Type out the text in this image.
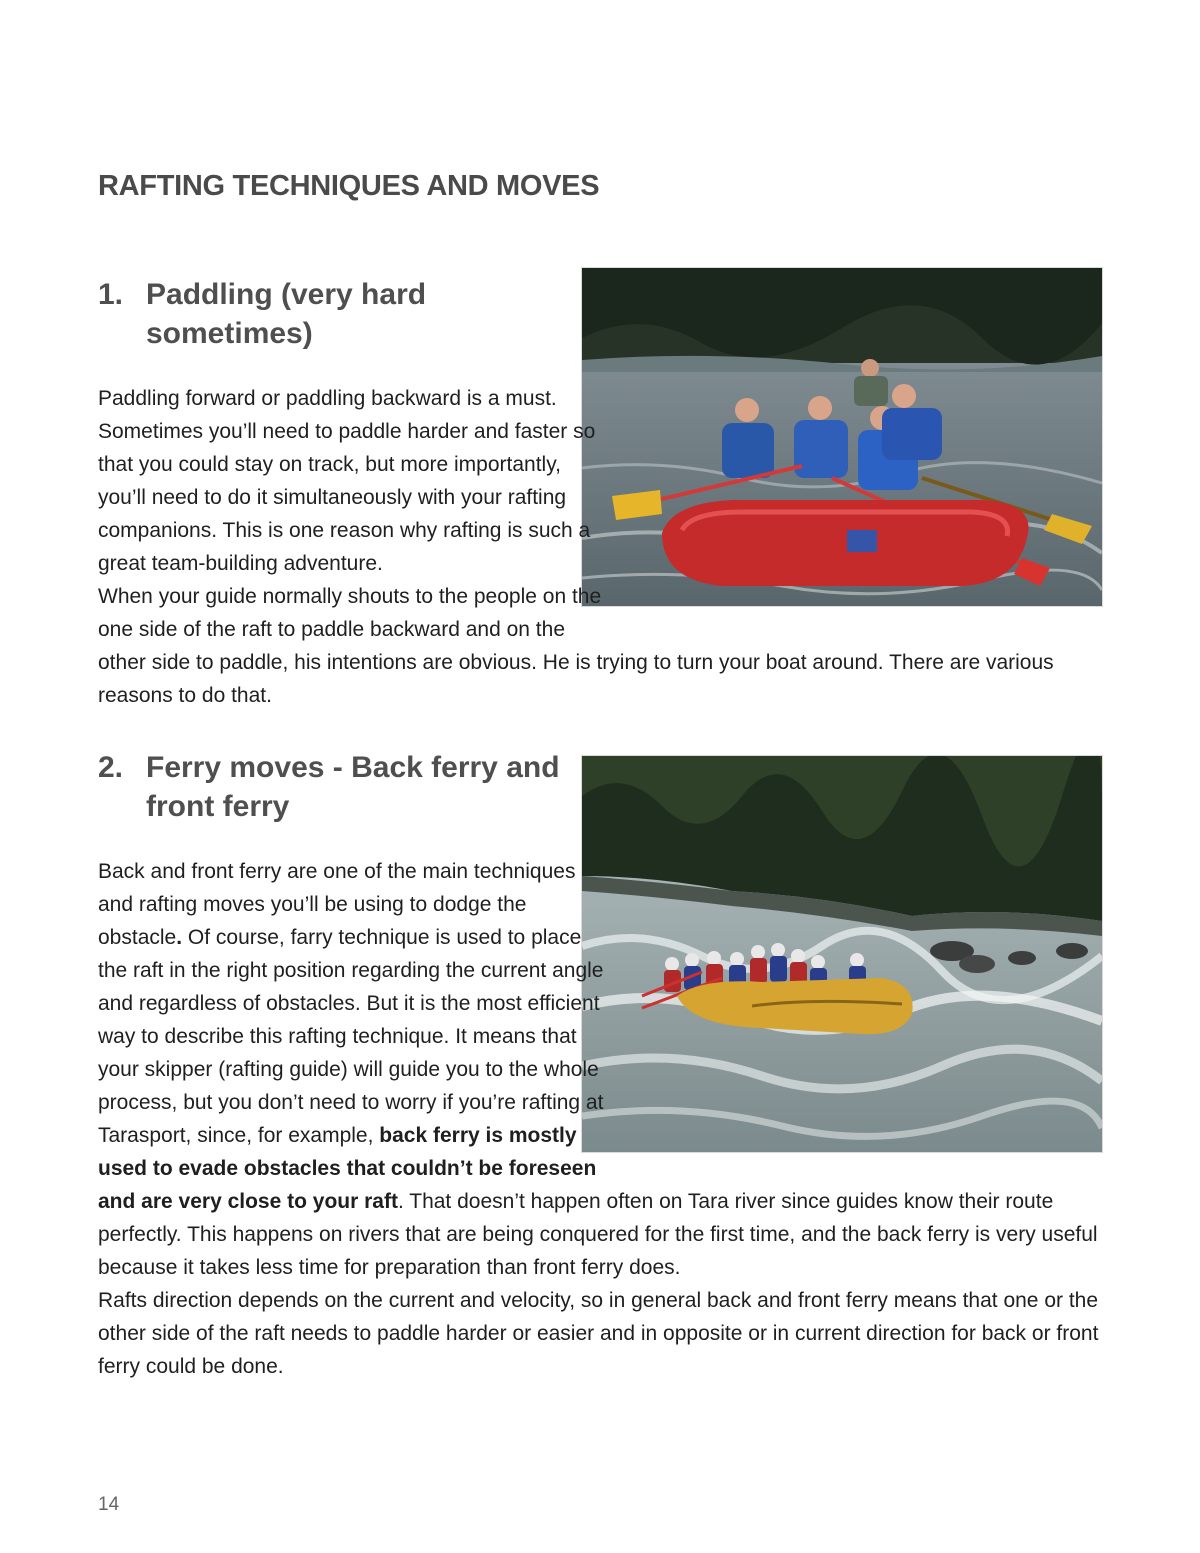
RAFTING TECHNIQUES AND MOVES
1. Paddling (very hard sometimes)

Paddling forward or paddling backward is a must. Sometimes you’ll need to paddle harder and faster so that you could stay on track, but more importantly, you’ll need to do it simultaneously with your rafting companions. This is one reason why rafting is such a great team-building adventure.

When your guide normally shouts to the people on the one side of the raft to paddle backward and on the other side to paddle, his intentions are obvious. He is trying to turn your boat around. There are various reasons to do that.

2. Ferry moves - Back ferry and front ferry

Back and front ferry are one of the main techniques and rafting moves you’ll be using to dodge the obstacle. Of course, farry technique is used to place the raft in the right position regarding the current angle and regardless of obstacles. But it is the most efficient way to describe this rafting technique. It means that your skipper (rafting guide) will guide you to the whole process, but you don’t need to worry if you’re rafting at Tarasport, since, for example, back ferry is mostly used to evade obstacles that couldn’t be foreseen and are very close to your raft. That doesn’t happen often on Tara river since guides know their route perfectly. This happens on rivers that are being conquered for the first time, and the back ferry is very useful because it takes less time for preparation than front ferry does.

Rafts direction depends on the current and velocity, so in general back and front ferry means that one or the other side of the raft needs to paddle harder or easier and in opposite or in current direction for back or front ferry could be done.

14
